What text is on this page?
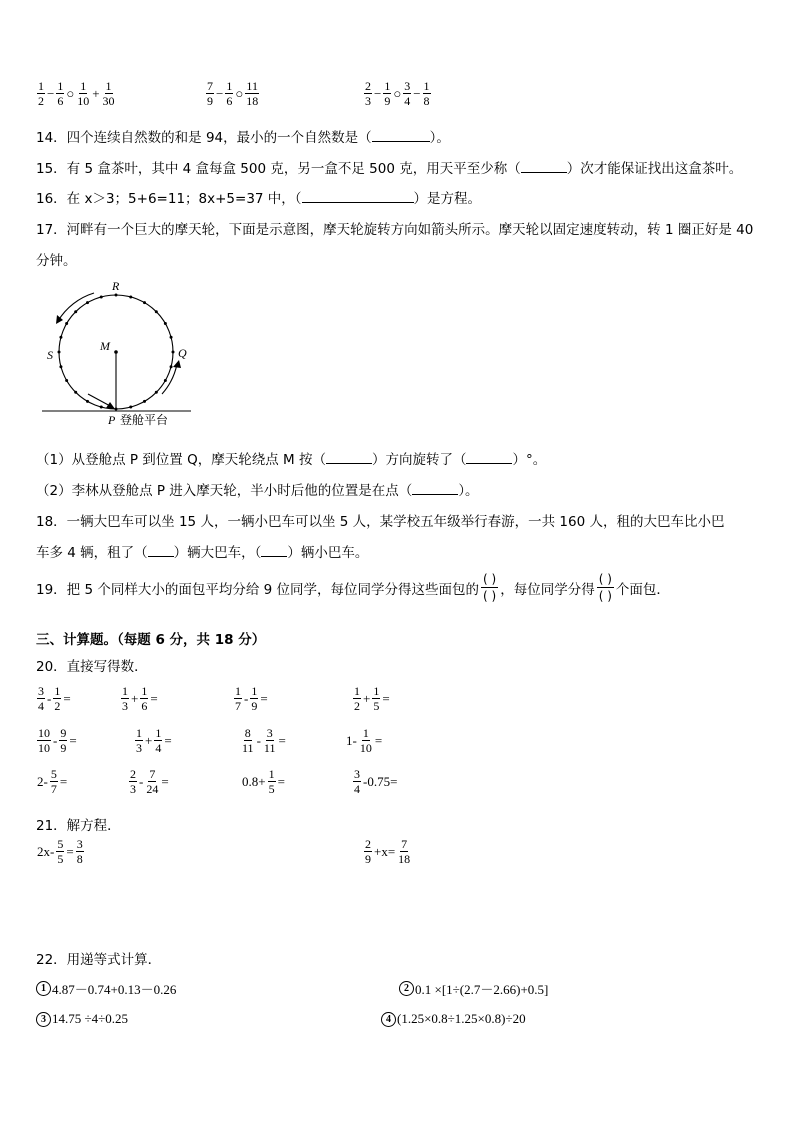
$\frac{1}{2} - \frac{1}{6}$ ○ $\frac{1}{10} + \frac{1}{30}$	$\frac{7}{9} - \frac{1}{6}$ ○ $\frac{11}{18}$	$\frac{2}{3} - \frac{1}{9}$ ○ $\frac{3}{4} - \frac{1}{8}$
14．四个连续自然数的和是 94，最小的一个自然数是（	）。
15．有 5 盒茶叶，其中 4 盒每盒 500 克，另一盒不足 500 克，用天平至少称（	）次才能保证找出这盒茶叶。
16．在 x＞3；5+6=11；8x+5=37 中，（	）是方程。
17．河畔有一个巨大的摩天轮，下面是示意图，摩天轮旋转方向如箭头所示。摩天轮以固定速度转动，转 1 圈正好是 40
分钟。
R
S	Q
M
P 登舱平台
（1）从登舱点 P 到位置 Q，摩天轮绕点 M 按（	）方向旋转了（	）°。
（2）李林从登舱点 P 进入摩天轮，半小时后他的位置是在点（	）。
18．一辆大巴车可以坐 15 人，一辆小巴车可以坐 5 人，某学校五年级举行春游，一共 160 人，租的大巴车比小巴
车多 4 辆，租了（ ）辆大巴车，（ ）辆小巴车。
19．把 5 个同样大小的面包平均分给 9 位同学，每位同学分得这些面包的
( )
( ) ，每位同学分得
( )
( ) 个面包．
三、计算题。（每题 6 分，共 18 分）
20．直接写得数．
$\frac{3}{4} - \frac{1}{2}$ =	$\frac{1}{3} + \frac{1}{6}$ =	$\frac{1}{7} - \frac{1}{9}$ =	$\frac{1}{2} + \frac{1}{5}$ =
$\frac{10}{10} - \frac{9}{9}$ =	$\frac{1}{3} + \frac{1}{4}$ =	$\frac{8}{11} - \frac{3}{11}$ =	$1- \frac{1}{10}$ =
$2- \frac{5}{7}$ =	$\frac{2}{3} - \frac{7}{24}$ =	$0.8+ \frac{1}{5}$ =	$\frac{3}{4} -0.75=$
21．解方程．
$2x- \frac{5}{5} = \frac{3}{8}$	$\frac{2}{9} +x= \frac{7}{18}$
22．用递等式计算．
1 4.87－0.74+0.13－0.26	2 0.1 ×[1÷(2.7－2.66)+0.5]
3 14.75 ÷4÷0.25	4 (1.25×0.8÷1.25×0.8)÷20
